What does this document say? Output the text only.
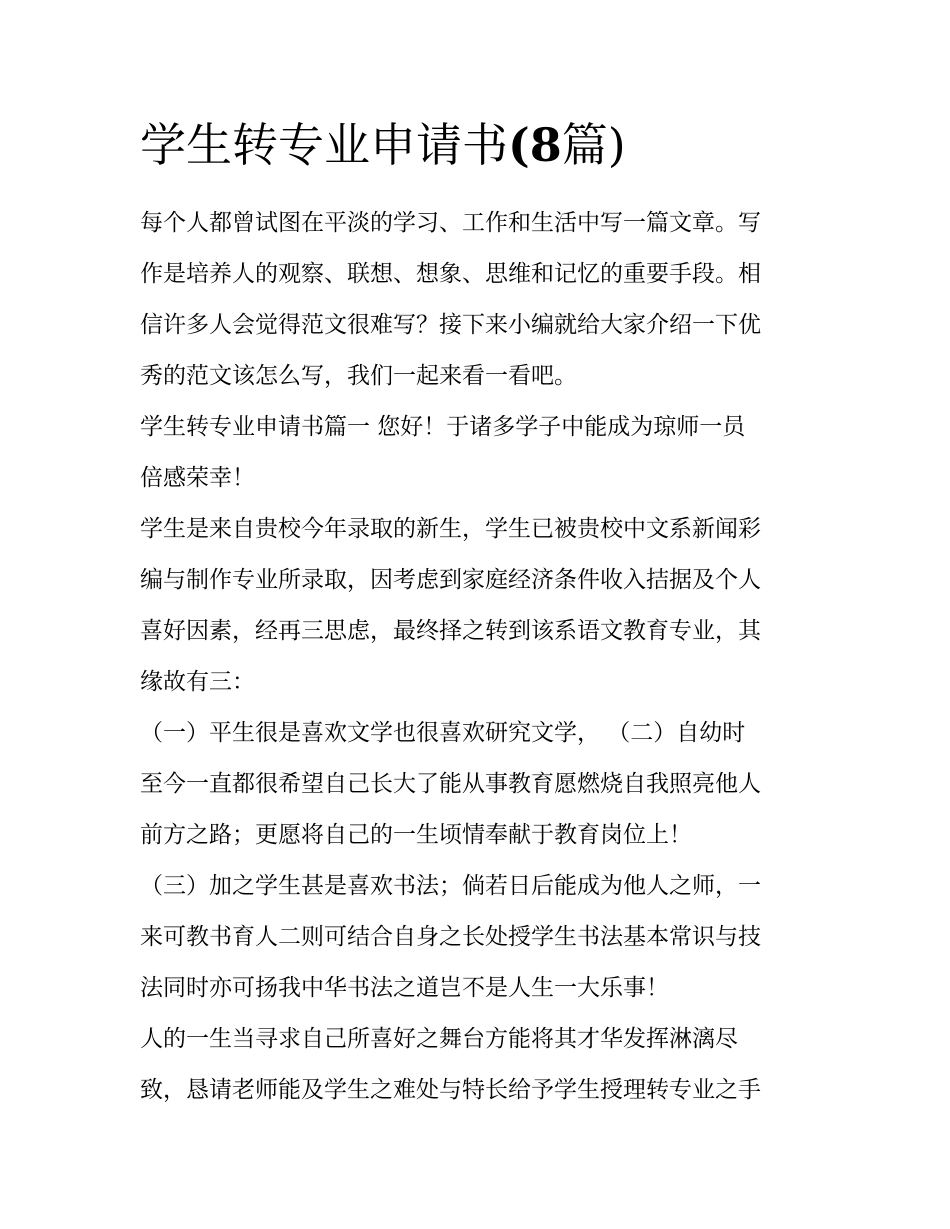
学生转专业申请书(8篇)
每个人都曾试图在平淡的学习、工作和生活中写一篇文章。写
作是培养人的观察、联想、想象、思维和记忆的重要手段。相
信许多人会觉得范文很难写？接下来小编就给大家介绍一下优
秀的范文该怎么写，我们一起来看一看吧。
学生转专业申请书篇一 您好！于诸多学子中能成为琼师一员
倍感荣幸！
学生是来自贵校今年录取的新生，学生已被贵校中文系新闻彩
编与制作专业所录取，因考虑到家庭经济条件收入拮据及个人
喜好因素，经再三思虑，最终择之转到该系语文教育专业，其
缘故有三：
（一）平生很是喜欢文学也很喜欢研究文学， （二）自幼时
至今一直都很希望自己长大了能从事教育愿燃烧自我照亮他人
前方之路；更愿将自己的一生顷情奉献于教育岗位上！
（三）加之学生甚是喜欢书法；倘若日后能成为他人之师，一
来可教书育人二则可结合自身之长处授学生书法基本常识与技
法同时亦可扬我中华书法之道岂不是人生一大乐事！
人的一生当寻求自己所喜好之舞台方能将其才华发挥淋漓尽
致，恳请老师能及学生之难处与特长给予学生授理转专业之手
